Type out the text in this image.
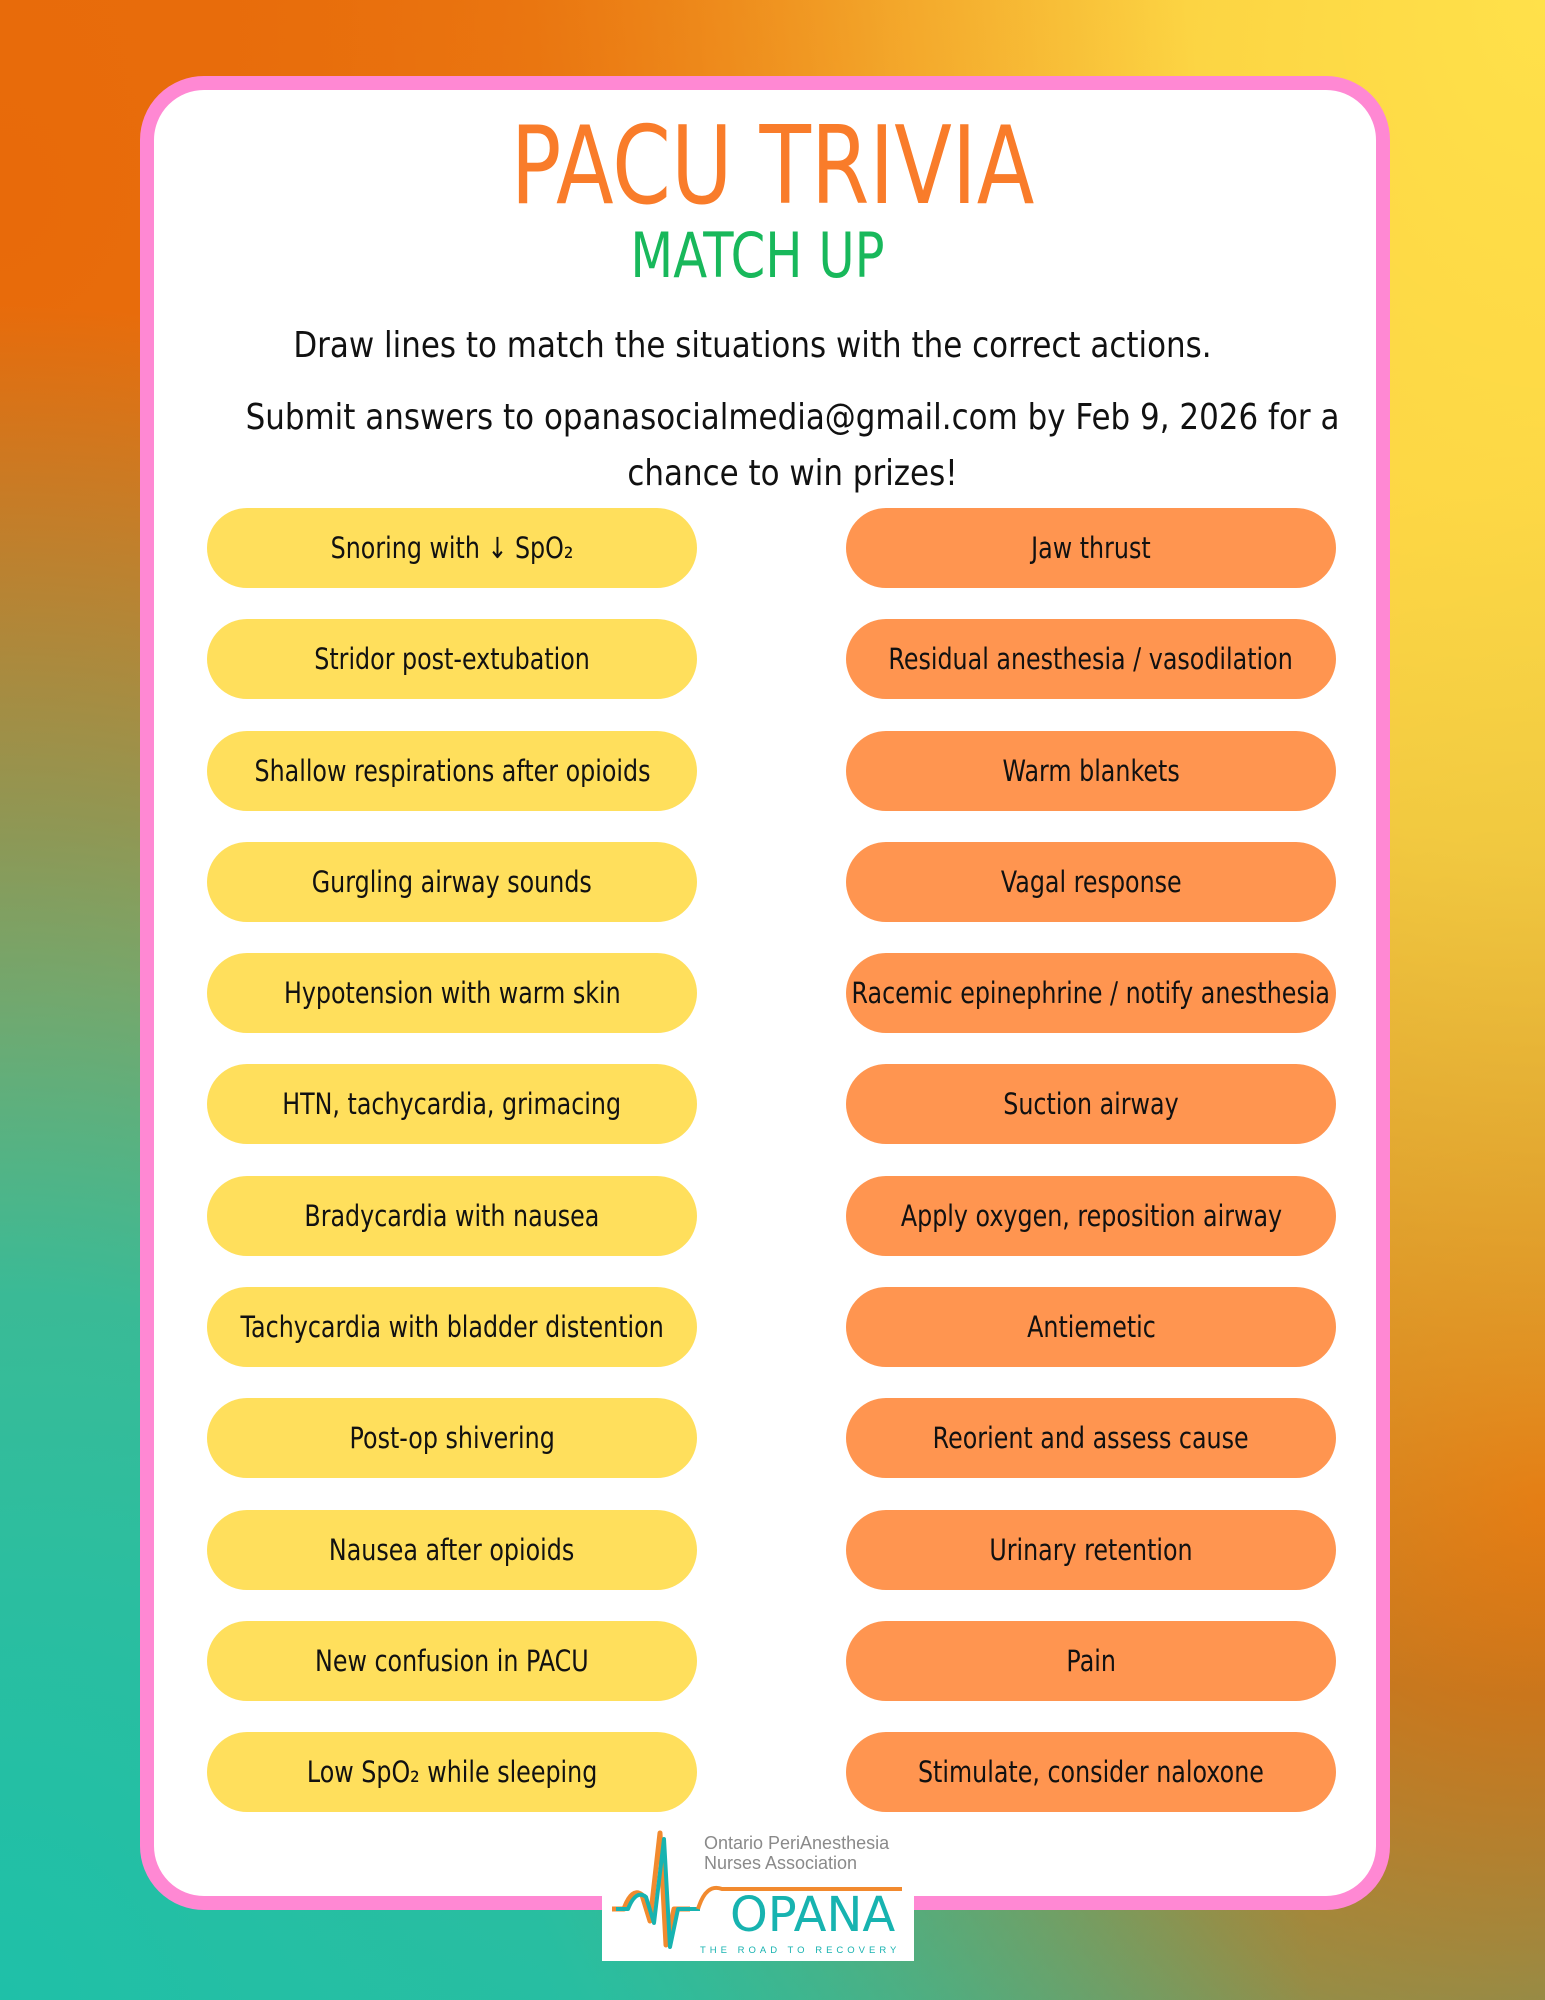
PACU TRIVIA
MATCH UP
Draw lines to match the situations with the correct actions.
Submit answers to opanasocialmedia@gmail.com by Feb 9, 2026 for a
chance to win prizes!
Snoring with ↓ SpO₂
Stridor post-extubation
Shallow respirations after opioids
Gurgling airway sounds
Hypotension with warm skin
HTN, tachycardia, grimacing
Bradycardia with nausea
Tachycardia with bladder distention
Post-op shivering
Nausea after opioids
New confusion in PACU
Low SpO₂ while sleeping
Jaw thrust
Residual anesthesia / vasodilation
Warm blankets
Vagal response
Racemic epinephrine / notify anesthesia
Suction airway
Apply oxygen, reposition airway
Antiemetic
Reorient and assess cause
Urinary retention
Pain
Stimulate, consider naloxone
Ontario PeriAnesthesia
Nurses Association
OPANA
THE ROAD TO RECOVERY
